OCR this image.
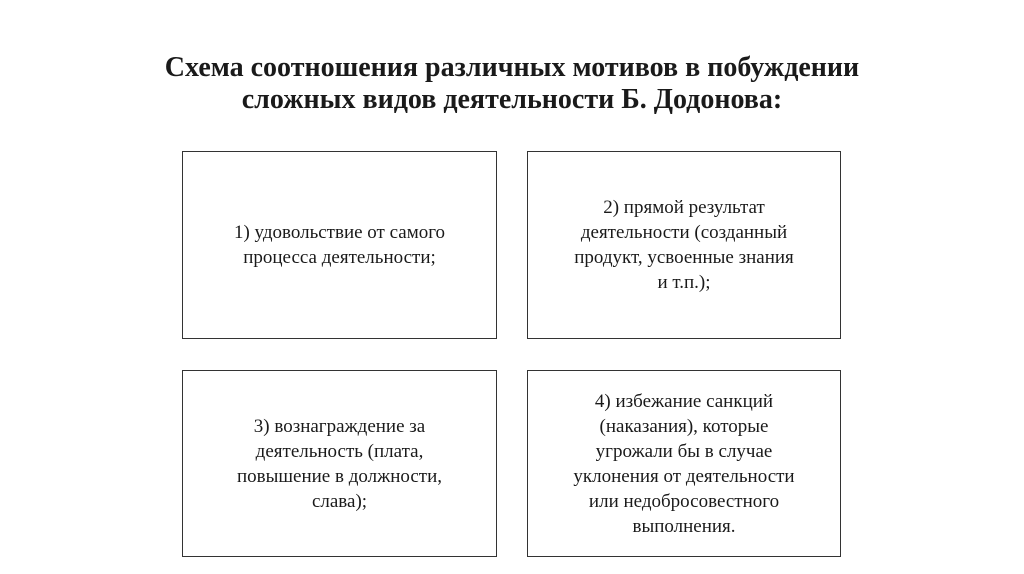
Схема соотношения различных мотивов в побуждении
сложных видов деятельности Б. Додонова:
1) удовольствие от самого
процесса деятельности;
2) прямой результат
деятельности (созданный
продукт, усвоенные знания
и т.п.);
3) вознаграждение за
деятельность (плата,
повышение в должности,
слава);
4) избежание санкций
(наказания), которые
угрожали бы в случае
уклонения от деятельности
или недобросовестного
выполнения.
